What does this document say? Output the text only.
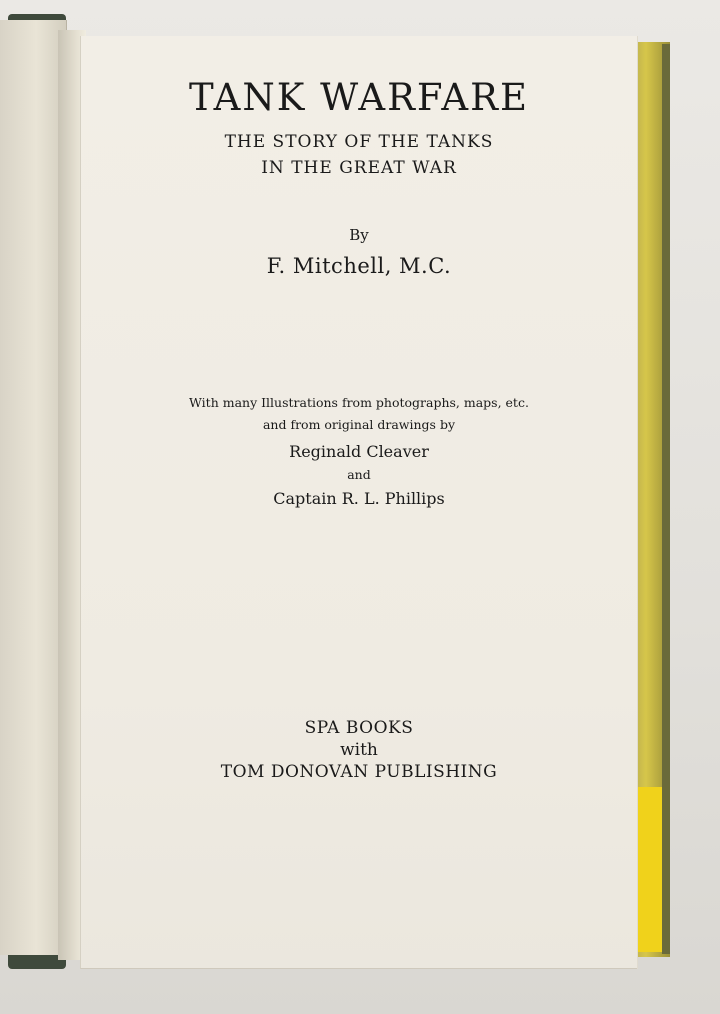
TANK WARFARE
THE STORY OF THE TANKS
IN THE GREAT WAR
By
F. Mitchell, M.C.
With many Illustrations from photographs, maps, etc.
and from original drawings by
Reginald Cleaver
and
Captain R. L. Phillips
SPA BOOKS
with
TOM DONOVAN PUBLISHING
